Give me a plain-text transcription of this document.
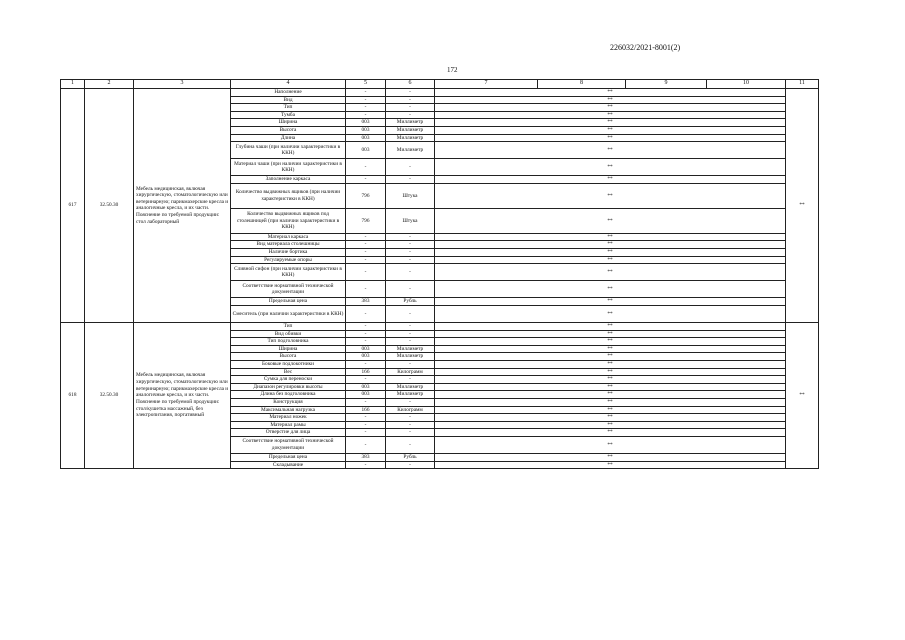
226032/2021-8001(2)
172
1	2	3	4	5	6	7	8	9	10	11
617	32.50.30	Мебель медицинская, включая хирургическую, стоматологическую или ветеринарную; парикмахерские кресла и аналогичные кресла, и их части. Пояснение по требуемой продукции: стол лабораторный	Наполнение	-	-	**				**
			Вид	-	-	**				
			Тип	-	-	**				
			Тумба	-	-	**				
			Ширина	003	Миллиметр	**				
			Высота	003	Миллиметр	**				
			Длина	003	Миллиметр	**				
			Глубина чаши (при наличии характеристики в ККН)	003	Миллиметр	**				
			Материал чаши (при наличии характеристики в ККН)	-	-	**				
			Заполнение каркаса	-	-	**				
			Количество выдвижных ящиков (при наличии характеристики в ККН)	796	Штука	**				
			Количество выдвижных ящиков под столешницей (при наличии характеристики в ККН)	796	Штука	**				
			Материал каркаса	-	-	**				
			Вид материала столешницы	-	-	**				
			Наличие бортика	-	-	**				
			Регулируемые опоры	-	-	**				
			Сливной сифон (при наличии характеристики в ККН)	-	-	**				
			Соответствие нормативной технической документации	-	-	**				
			Предельная цена	383	Рубль	**				
			Смеситель (при наличии характеристики в ККН)	-	-	**				
618	32.50.30	Мебель медицинская, включая хирургическую, стоматологическую или ветеринарную; парикмахерские кресла и аналогичные кресла, и их части. Пояснение по требуемой продукции: стол/кушетка массажный, без электропитания, портативный	Тип	-	-	**				**
			Вид обивки	-	-	**				
			Тип подголовника	-	-	**				
			Ширина	003	Миллиметр	**				
			Высота	003	Миллиметр	**				
			Боковые подлокотники	-	-	**				
			Вес	166	Килограмм	**				
			Сумка для переноски	-	-	**				
			Диапазон регулировки высоты	003	Миллиметр	**				
			Длина без подголовника	003	Миллиметр	**				
			Конструкция	-	-	**				
			Максимальная нагрузка	166	Килограмм	**				
			Материал ножек	-	-	**				
			Материал рамы	-	-	**				
			Отверстие для лица	-	-	**				
			Соответствие нормативной технической документации	-	-	**				
			Предельная цена	383	Рубль	**				
			Складывание	-	-	**				
